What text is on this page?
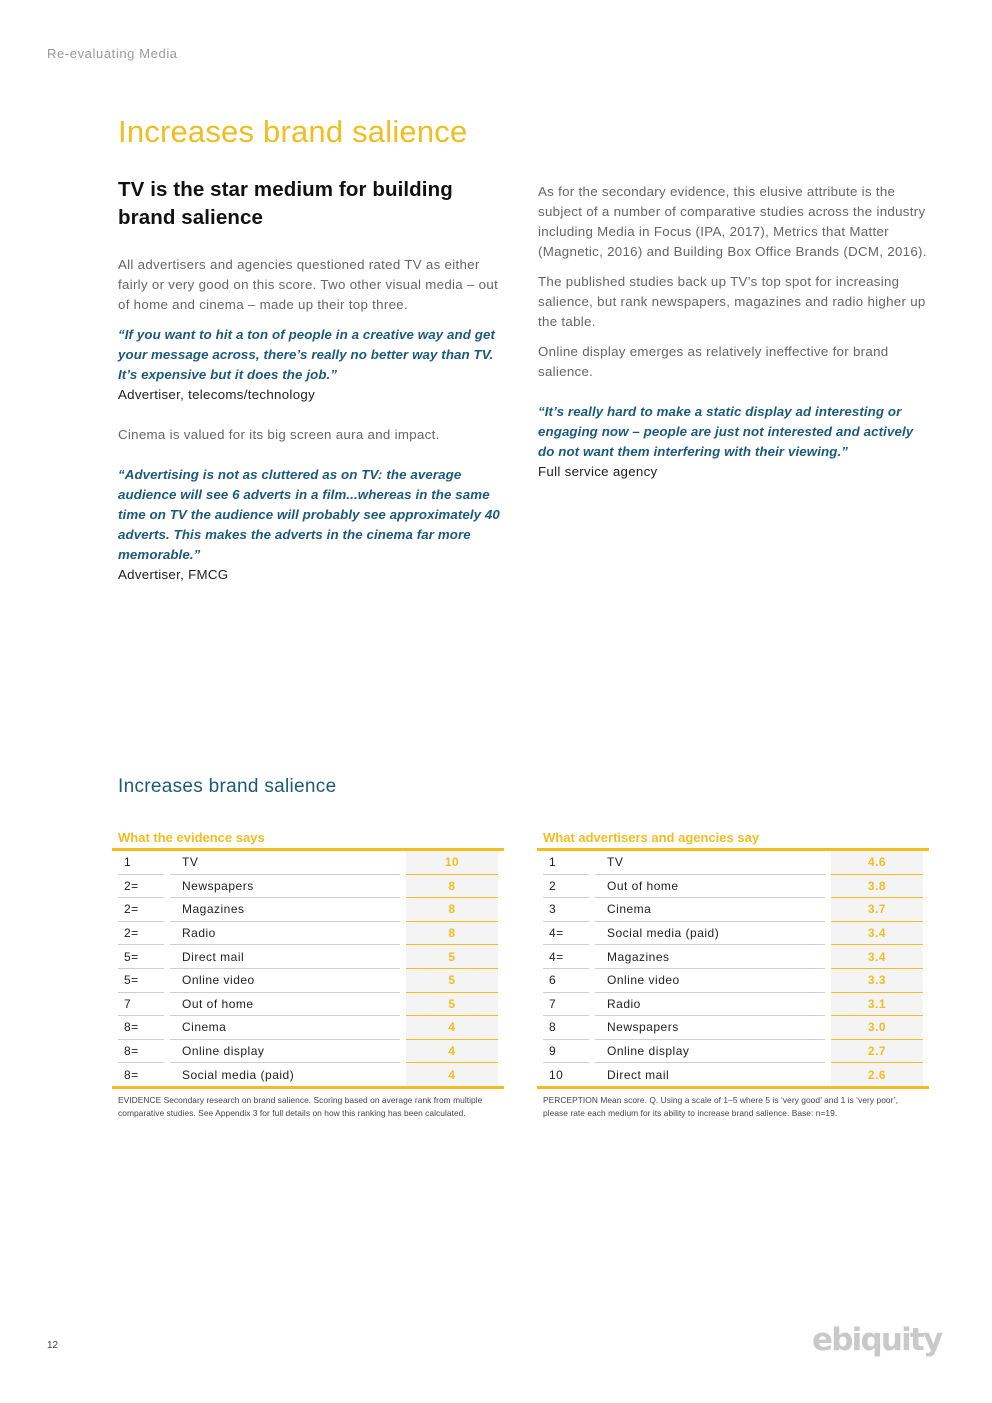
Re-evaluating Media
Increases brand salience
TV is the star medium for building brand salience

All advertisers and agencies questioned rated TV as either fairly or very good on this score. Two other visual media – out of home and cinema – made up their top three.

“If you want to hit a ton of people in a creative way and get your message across, there’s really no better way than TV. It’s expensive but it does the job.”

Advertiser, telecoms/technology

Cinema is valued for its big screen aura and impact.

“Advertising is not as cluttered as on TV: the average audience will see 6 adverts in a film...whereas in the same time on TV the audience will probably see approximately 40 adverts. This makes the adverts in the cinema far more memorable.”

Advertiser, FMCG

As for the secondary evidence, this elusive attribute is the subject of a number of comparative studies across the industry including Media in Focus (IPA, 2017), Metrics that Matter (Magnetic, 2016) and Building Box Office Brands (DCM, 2016).

The published studies back up TV’s top spot for increasing salience, but rank newspapers, magazines and radio higher up the table.

Online display emerges as relatively ineffective for brand salience.

“It’s really hard to make a static display ad interesting or engaging now – people are just not interested and actively do not want them interfering with their viewing.”

Full service agency

Increases brand salience
What the evidence says
1	TV	10
2=	Newspapers	8
2=	Magazines	8
2=	Radio	8
5=	Direct mail	5
5=	Online video	5
7	Out of home	5
8=	Cinema	4
8=	Online display	4
8=	Social media (paid)	4
EVIDENCE Secondary research on brand salience. Scoring based on average rank from multiple comparative studies. See Appendix 3 for full details on how this ranking has been calculated.
What advertisers and agencies say
1	TV	4.6
2	Out of home	3.8
3	Cinema	3.7
4=	Social media (paid)	3.4
4=	Magazines	3.4
6	Online video	3.3
7	Radio	3.1
8	Newspapers	3.0
9	Online display	2.7
10	Direct mail	2.6
PERCEPTION Mean score. Q. Using a scale of 1–5 where 5 is ‘very good’ and 1 is ‘very poor’, please rate each medium for its ability to increase brand salience. Base: n=19.
12	ebiquity
